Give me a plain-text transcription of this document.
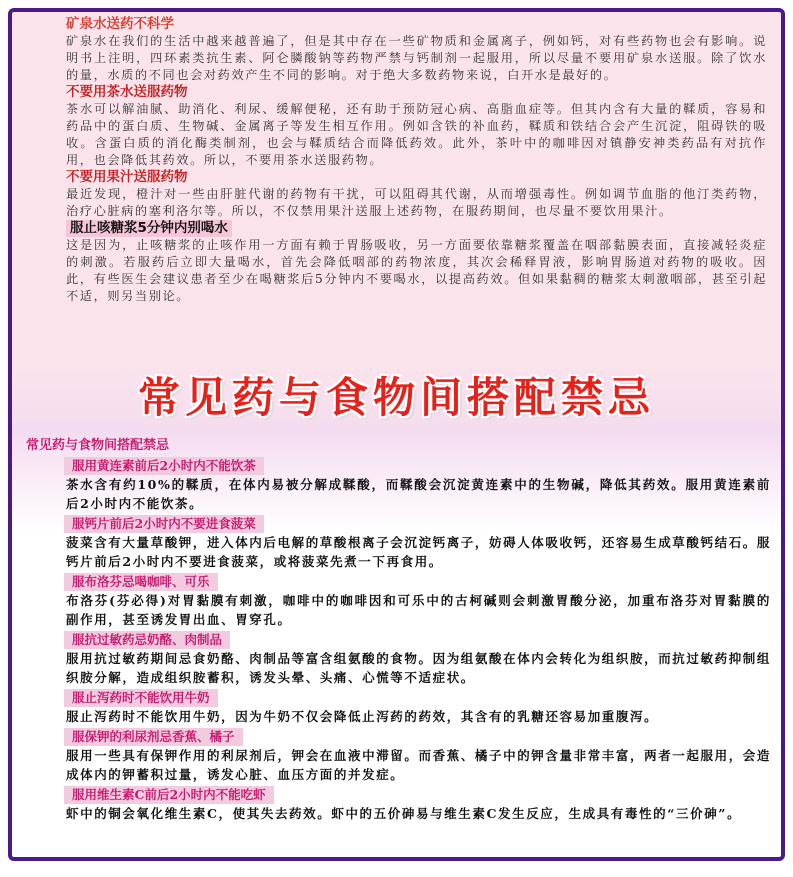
矿泉水送药不科学

矿泉水在我们的生活中越来越普遍了，但是其中存在一些矿物质和金属离子，例如钙，对有些药物也会有影响。说明书上注明，四环素类抗生素、阿仑膦酸钠等药物严禁与钙制剂一起服用，所以尽量不要用矿泉水送服。除了饮水的量，水质的不同也会对药效产生不同的影响。对于绝大多数药物来说，白开水是最好的。

不要用茶水送服药物

茶水可以解油腻、助消化、利尿、缓解便秘，还有助于预防冠心病、高脂血症等。但其内含有大量的鞣质，容易和药品中的蛋白质、生物碱、金属离子等发生相互作用。例如含铁的补血药，鞣质和铁结合会产生沉淀，阻碍铁的吸收。含蛋白质的消化酶类制剂，也会与鞣质结合而降低药效。此外，茶叶中的咖啡因对镇静安神类药品有对抗作用，也会降低其药效。所以，不要用茶水送服药物。

不要用果汁送服药物

最近发现，橙汁对一些由肝脏代谢的药物有干扰，可以阻碍其代谢，从而增强毒性。例如调节血脂的他汀类药物，治疗心脏病的塞利洛尔等。所以，不仅禁用果汁送服上述药物，在服药期间，也尽量不要饮用果汁。

服止咳糖浆5分钟内别喝水

这是因为，止咳糖浆的止咳作用一方面有赖于胃肠吸收，另一方面要依靠糖浆覆盖在咽部黏膜表面，直接减轻炎症的刺激。若服药后立即大量喝水，首先会降低咽部的药物浓度，其次会稀释胃液，影响胃肠道对药物的吸收。因此，有些医生会建议患者至少在喝糖浆后5分钟内不要喝水，以提高药效。但如果黏稠的糖浆太刺激咽部，甚至引起不适，则另当别论。

常见药与食物间搭配禁忌
常见药与食物间搭配禁忌
服用黄连素前后2小时内不能饮茶

茶水含有约10%的鞣质，在体内易被分解成鞣酸，而鞣酸会沉淀黄连素中的生物碱，降低其药效。服用黄连素前后2小时内不能饮茶。

服钙片前后2小时内不要进食菠菜

菠菜含有大量草酸钾，进入体内后电解的草酸根离子会沉淀钙离子，妨碍人体吸收钙，还容易生成草酸钙结石。服钙片前后2小时内不要进食菠菜，或将菠菜先煮一下再食用。

服布洛芬忌喝咖啡、可乐

布洛芬(芬必得)对胃黏膜有刺激，咖啡中的咖啡因和可乐中的古柯碱则会刺激胃酸分泌，加重布洛芬对胃黏膜的副作用，甚至诱发胃出血、胃穿孔。

服抗过敏药忌奶酪、肉制品

服用抗过敏药期间忌食奶酪、肉制品等富含组氨酸的食物。因为组氨酸在体内会转化为组织胺，而抗过敏药抑制组织胺分解，造成组织胺蓄积，诱发头晕、头痛、心慌等不适症状。

服止泻药时不能饮用牛奶

服止泻药时不能饮用牛奶，因为牛奶不仅会降低止泻药的药效，其含有的乳糖还容易加重腹泻。

服保钾的利尿剂忌香蕉、橘子

服用一些具有保钾作用的利尿剂后，钾会在血液中滞留。而香蕉、橘子中的钾含量非常丰富，两者一起服用，会造成体内的钾蓄积过量，诱发心脏、血压方面的并发症。

服用维生素C前后2小时内不能吃虾

虾中的铜会氧化维生素C，使其失去药效。虾中的五价砷易与维生素C发生反应，生成具有毒性的“三价砷”。
